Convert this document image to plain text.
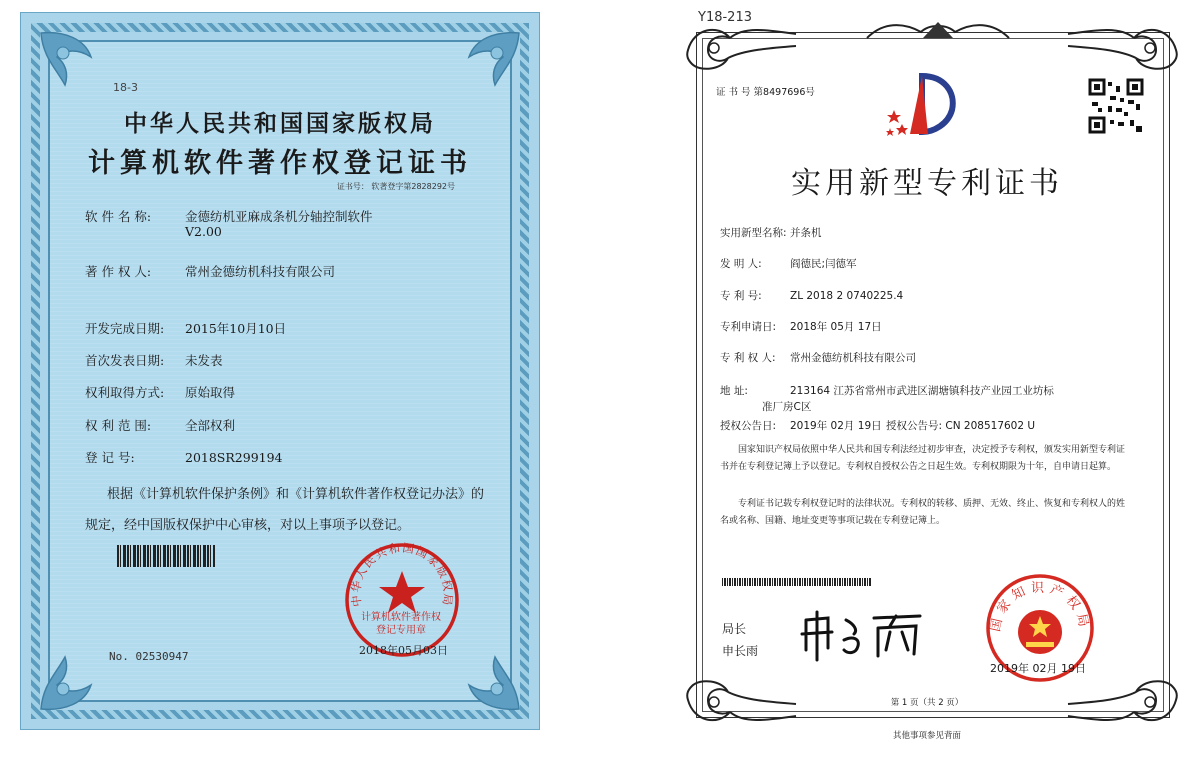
18-3
中华人民共和国国家版权局
计算机软件著作权登记证书
证书号： 软著登字第2828292号
软 件 名 称:	金德纺机亚麻成条机分轴控制软件
V2.00
著 作 权 人:	常州金德纺机科技有限公司
开发完成日期: 2015年10月10日
首次发表日期: 未发表
权利取得方式: 原始取得
权 利 范 围:	全部权利
登 记 号:	2018SR299194
根据《计算机软件保护条例》和《计算机软件著作权登记办法》的
规定，经中国版权保护中心审核，对以上事项予以登记。
No. 02530947
中华人民共和国国家版权局
计算机软件著作权
登记专用章
2018年05月03日
Y18-213
证 书 号 第8497696号
实用新型专利证书
实用新型名称: 并条机
发 明 人:	阎德民;闫德军
专 利 号:	ZL 2018 2 0740225.4
专利申请日: 2018年 05月 17日
专 利 权 人: 常州金德纺机科技有限公司
地 址:	213164 江苏省常州市武进区湖塘镇科技产业园工业坊标
准厂房C区
授权公告日: 2019年 02月 19日 授权公告号: CN 208517602 U
国家知识产权局依照中华人民共和国专利法经过初步审查，决定授予专利权，颁发实用新型专利证书并在专利登记簿上予以登记。专利权自授权公告之日起生效。专利权期限为十年，自申请日起算。
专利证书记载专利权登记时的法律状况。专利权的转移、质押、无效、终止、恢复和专利权人的姓名或名称、国籍、地址变更等事项记载在专利登记簿上。
局长
申长雨
国家知识产权局
2019年 02月 19日
第 1 页（共 2 页）
其他事项参见背面
